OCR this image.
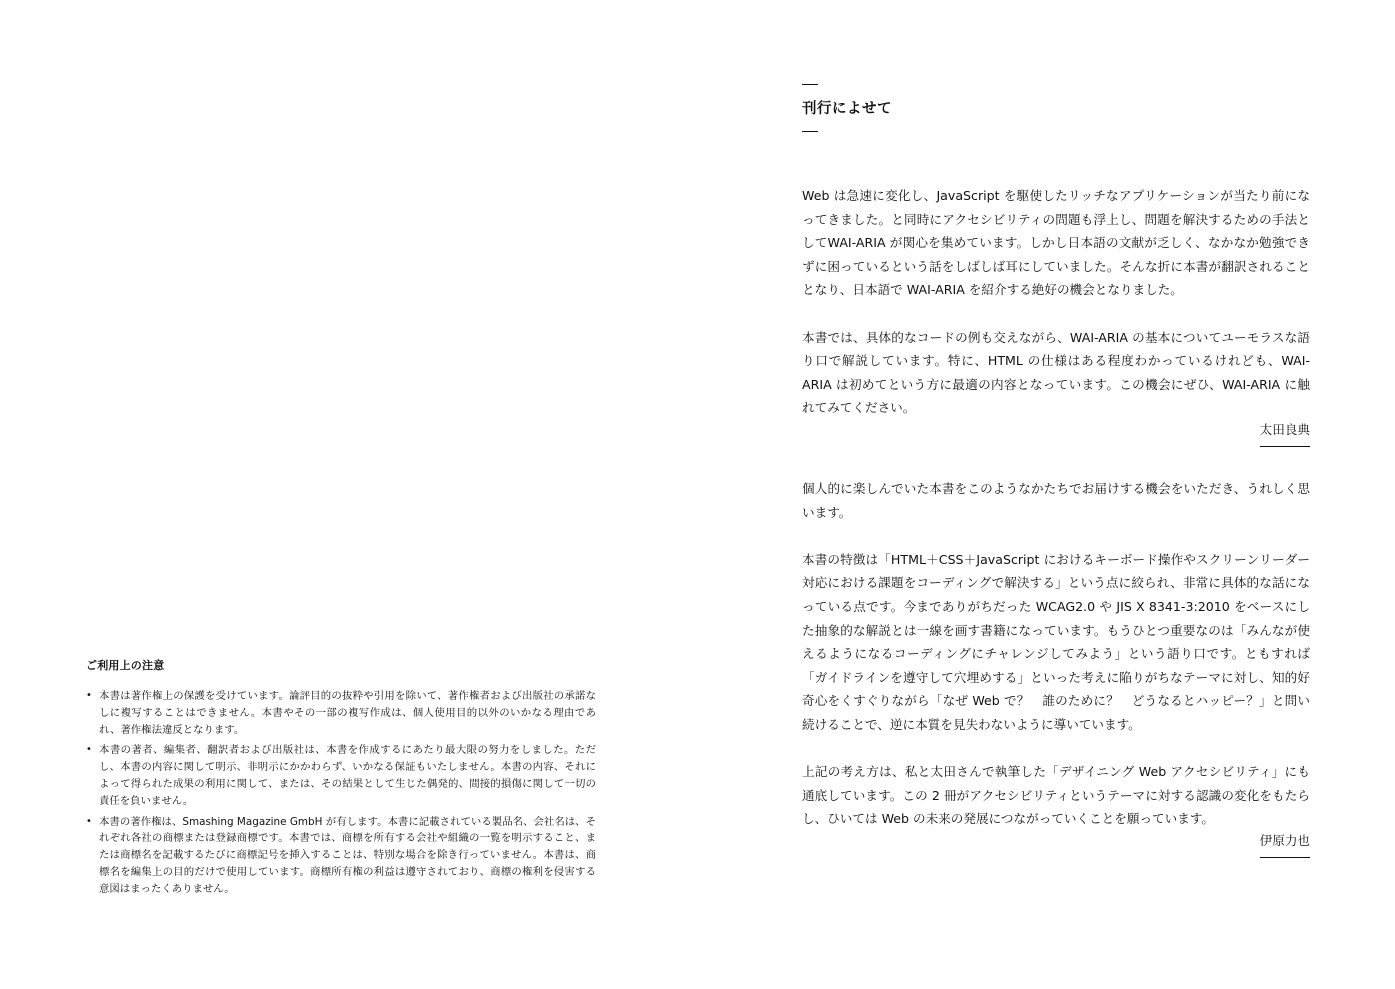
ご利用上の注意
• 本書は著作権上の保護を受けています。論評目的の抜粋や引用を除いて、著作権者および出版社の承諾なしに複写することはできません。本書やその一部の複写作成は、個人使用目的以外のいかなる理由であれ、著作権法違反となります。
• 本書の著者、編集者、翻訳者および出版社は、本書を作成するにあたり最大限の努力をしました。ただし、本書の内容に関して明示、非明示にかかわらず、いかなる保証もいたしません。本書の内容、それによって得られた成果の利用に関して、または、その結果として生じた偶発的、間接的損傷に関して一切の責任を負いません。
• 本書の著作権は、Smashing Magazine GmbH が有します。本書に記載されている製品名、会社名は、それぞれ各社の商標または登録商標です。本書では、商標を所有する会社や組織の一覧を明示すること、または商標名を記載するたびに商標記号を挿入することは、特別な場合を除き行っていません。本書は、商標名を編集上の目的だけで使用しています。商標所有権の利益は遵守されており、商標の権利を侵害する意図はまったくありません。
刊行によせて

Web は急速に変化し、JavaScript を駆使したリッチなアプリケーションが当たり前になってきました。と同時にアクセシビリティの問題も浮上し、問題を解決するための手法としてWAI-ARIA が関心を集めています。しかし日本語の文献が乏しく、なかなか勉強できずに困っているという話をしばしば耳にしていました。そんな折に本書が翻訳されることとなり、日本語で WAI-ARIA を紹介する絶好の機会となりました。

本書では、具体的なコードの例も交えながら、WAI-ARIA の基本についてユーモラスな語り口で解説しています。特に、HTML の仕様はある程度わかっているけれども、WAI-ARIA は初めてという方に最適の内容となっています。この機会にぜひ、WAI-ARIA に触れてみてください。

太田良典

個人的に楽しんでいた本書をこのようなかたちでお届けする機会をいただき、うれしく思います。

本書の特徴は「HTML＋CSS＋JavaScript におけるキーボード操作やスクリーンリーダー対応における課題をコーディングで解決する」という点に絞られ、非常に具体的な話になっている点です。今までありがちだった WCAG2.0 や JIS X 8341-3:2010 をベースにした抽象的な解説とは一線を画す書籍になっています。もうひとつ重要なのは「みんなが使えるようになるコーディングにチャレンジしてみよう」という語り口です。ともすれば「ガイドラインを遵守して穴埋めする」といった考えに陥りがちなテーマに対し、知的好奇心をくすぐりながら「なぜ Web で？　誰のために？　どうなるとハッピー？」と問い続けることで、逆に本質を見失わないように導いています。

上記の考え方は、私と太田さんで執筆した「デザイニング Web アクセシビリティ」にも通底しています。この 2 冊がアクセシビリティというテーマに対する認識の変化をもたらし、ひいては Web の未来の発展につながっていくことを願っています。

伊原力也
